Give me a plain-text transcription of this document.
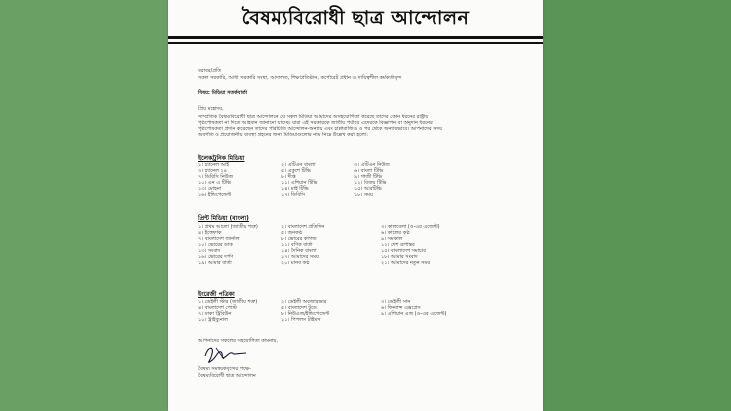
বৈষম্যবিরোধী ছাত্র আন্দোলন
বরাবর/প্রতি
সকল সরকারি, আধা সরকারি সংস্থা, আদালত, শিক্ষাপ্রতিষ্ঠান, কর্পোরেট প্রধান ও দায়িত্বশীল কর্মকর্তাবৃন্দ
বিষয়: মিডিয়া সতর্কবার্তা
প্রিয় মহোদয়,
সাম্প্রতিক বৈষম্যবিরোধী ছাত্র আন্দোলনে যে সকল মিডিয়া আমাদের অসহযোগিতা করেছে তাদের কোন ধরনের রাষ্ট্রীয়
পৃষ্ঠপোষকতা না দিতে আহবান জানানো যাচ্ছে। যারা এই সরকারকে জাতীয় পর্যায়ে এদেরকে বিজ্ঞাপন বা অনুদান ধরনের
পৃষ্ঠপোষকতা প্রদান করেছেন তাদের পরিচিতি আন্দোলন-অন্যায় এবং চাপ্পাবাজিও ও পর থেকে অন্যায়ভাবে। আপনাদের সদয়
অবগতি ও প্রয়োজনীয় ব্যবস্থা গ্রহনের জন্য মিডিয়াগুলোর নাম নিম্নে উল্লেখ করা হলো:
ইলেকট্রনিক মিডিয়া
১। চ্যানেল আই
৩। চ্যানেল ২৪
৭। ডিবিসি নিউজ
১০। এন এ টিভি
১৩। মোহনা
১৬। ইন্ডিপেন্ডেন্ট
২। এটিএন বাংলা
৫। একুশে টিভি
৮। দীপ্ত
১১। এশিয়ান টিভি
১৪। মাই টিভি
১৭। ডিবিসি
৩। এটিএন নিউজ
৬। বাংলা টিভি
৯। গাজী টিভি
১২। বিজয় টিভি
১৫। আরটিভি
১৮। সময়
প্রিন্ট মিডিয়া (বাংলা)
১। প্রথম আলো (জাতীয় শত্রু)
৪। ইত্তেফাক
৭। বাংলাদেশ জার্নাল
১০। ভোরের ডাক
১৩। সংবাদ
১৬। ভোরের দর্পণ
১৯। আমার বার্তা
২। বাংলাদেশ প্রতিদিন
৫। জনকণ্ঠ
৮। ভোরের কাগজ
১১। বণিক বার্তা
১৪। দৈনিক বাংলা
১৭। আমাদের সময়
২০। মানব কণ্ঠ
৩। কালবেলা (ও-এর এজেন্ট)
৬। কালের কণ্ঠ
৯। সমকাল
১২। দেশ রূপান্তর
১৫। বাংলাদেশ সমাচার
১৮। আমার সংবাদ
২১। আমাদের নতুন সময়
ইংরেজী পত্রিকা
১। ডেইলী স্টার (জাতীয় শত্রু)
৪। বাংলাদেশ পোস্ট
৭। ঢাকা ট্রিবিউন
১০। ট্রাইব্যুনাল
২। ডেইলী অবজারভার
৫। বাংলাদেশ টুডে
৮। নিউএজ/ইন্ডিপেন্ডেন্ট
১১। পিপলস টাইমস
৩। ডেইলী সান
৬। ফিন্যান্স এক্সপ্রেস
৯। এশিয়ান এজ (ও-এর এজেন্ট)
আপনাদের সকলের সহযোগিতা কামনায়,
বৈষম্য সমন্বয়কবৃন্দের পক্ষে-
বৈষম্যবিরোধী ছাত্র আন্দোলন
